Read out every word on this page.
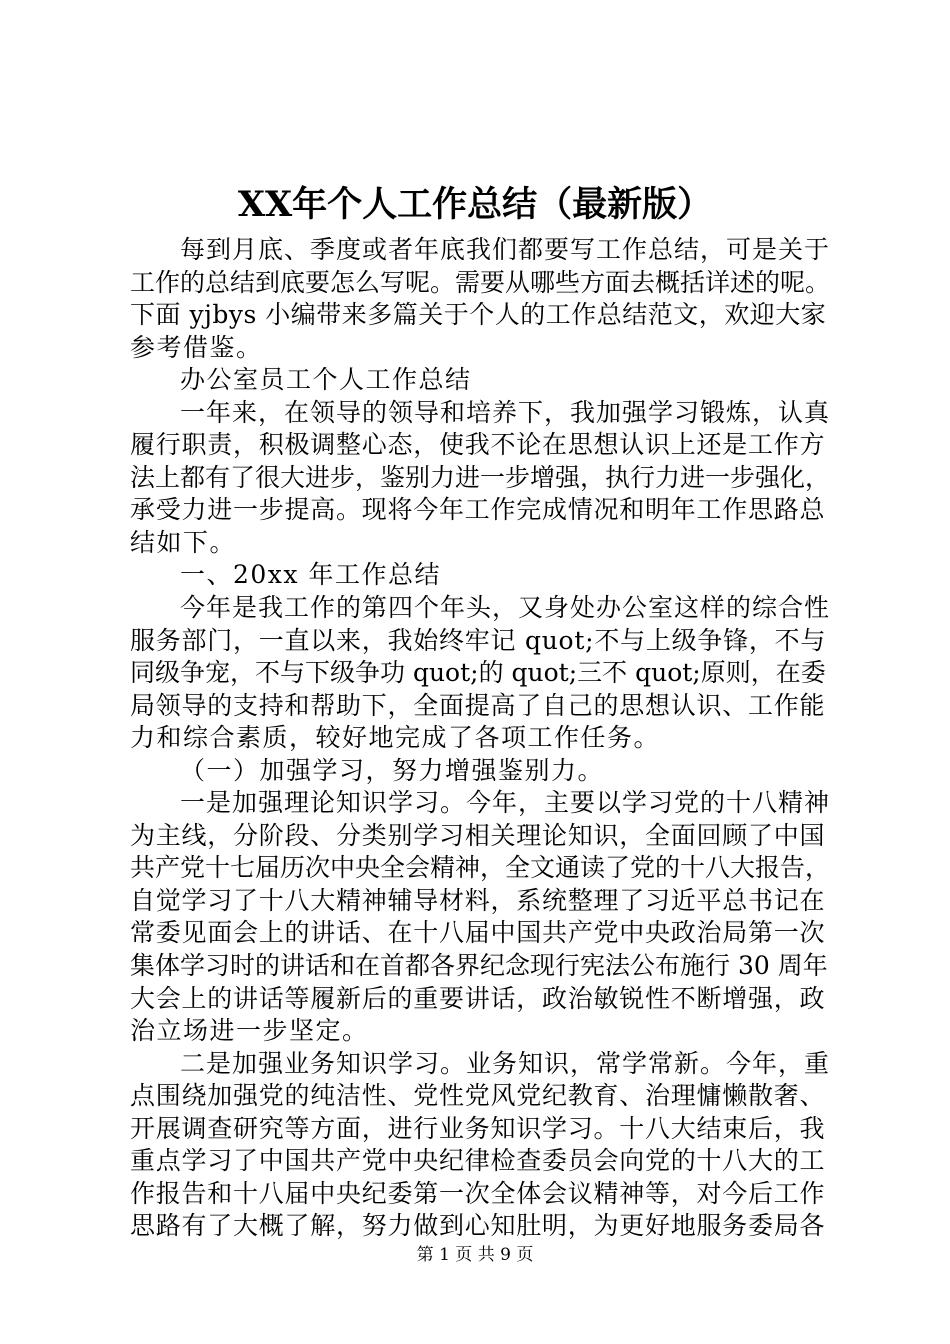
XX年个人工作总结（最新版）
每到月底、季度或者年底我们都要写工作总结，可是关于
工作的总结到底要怎么写呢。需要从哪些方面去概括详述的呢。
下面 yjbys 小编带来多篇关于个人的工作总结范文，欢迎大家
参考借鉴。
办公室员工个人工作总结
一年来，在领导的领导和培养下，我加强学习锻炼，认真
履行职责，积极调整心态，使我不论在思想认识上还是工作方
法上都有了很大进步，鉴别力进一步增强，执行力进一步强化，
承受力进一步提高。现将今年工作完成情况和明年工作思路总
结如下。
一、20xx 年工作总结
今年是我工作的第四个年头，又身处办公室这样的综合性
服务部门，一直以来，我始终牢记 quot;不与上级争锋，不与
同级争宠，不与下级争功 quot;的 quot;三不 quot;原则，在委
局领导的支持和帮助下，全面提高了自己的思想认识、工作能
力和综合素质，较好地完成了各项工作任务。
（一）加强学习，努力增强鉴别力。
一是加强理论知识学习。今年，主要以学习党的十八精神
为主线，分阶段、分类别学习相关理论知识，全面回顾了中国
共产党十七届历次中央全会精神，全文通读了党的十八大报告，
自觉学习了十八大精神辅导材料，系统整理了习近平总书记在
常委见面会上的讲话、在十八届中国共产党中央政治局第一次
集体学习时的讲话和在首都各界纪念现行宪法公布施行 30 周年
大会上的讲话等履新后的重要讲话，政治敏锐性不断增强，政
治立场进一步坚定。
二是加强业务知识学习。业务知识，常学常新。今年，重
点围绕加强党的纯洁性、党性党风党纪教育、治理慵懒散奢、
开展调查研究等方面，进行业务知识学习。十八大结束后，我
重点学习了中国共产党中央纪律检查委员会向党的十八大的工
作报告和十八届中央纪委第一次全体会议精神等，对今后工作
思路有了大概了解，努力做到心知肚明，为更好地服务委局各
第 1 页 共 9 页
